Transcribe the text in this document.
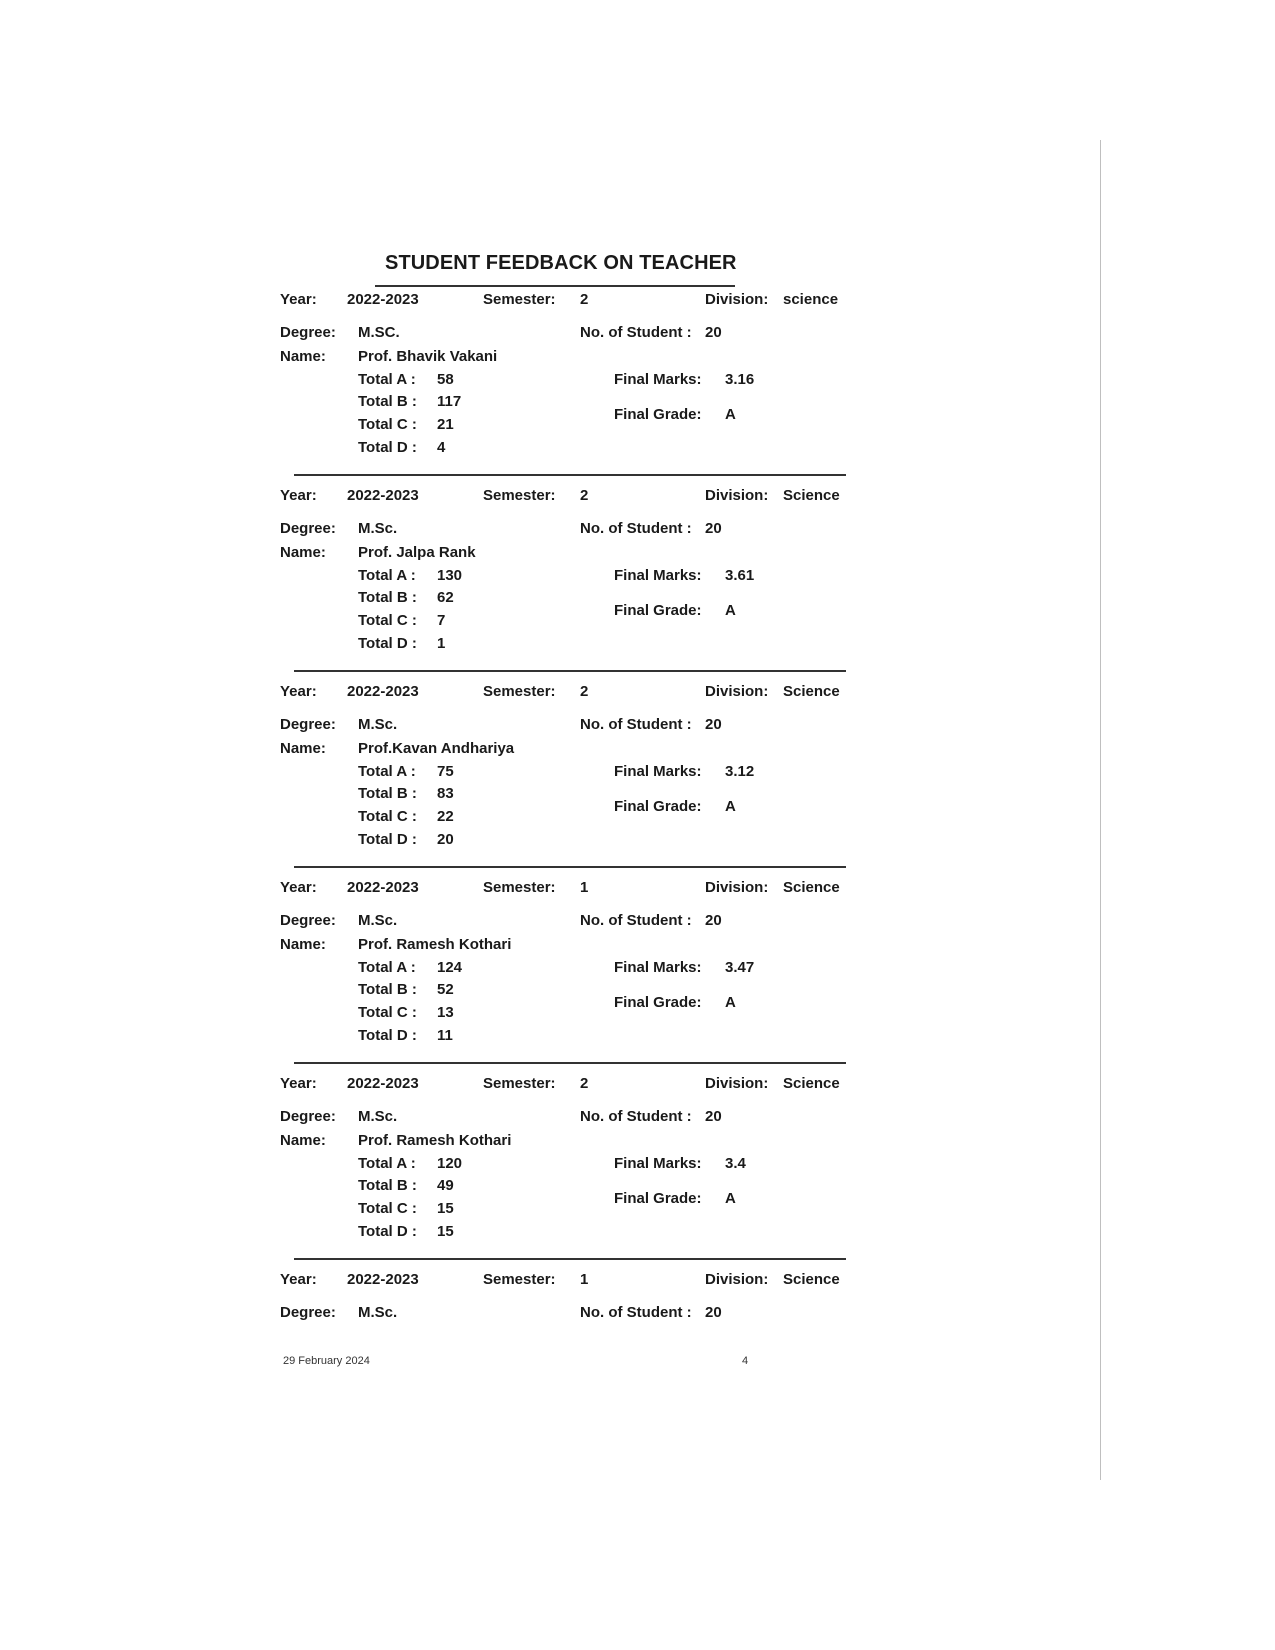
STUDENT FEEDBACK ON TEACHER
Year: 2022-2023	Semester: 2	Division: science
Degree: M.SC.	No. of Student : 20
Name: Prof. Bhavik Vakani
Total A : 58
Total B : 117
Total C : 21
Total D : 4
Final Marks: 3.16
Final Grade: A
Year: 2022-2023	Semester: 2	Division: Science
Degree: M.Sc.	No. of Student : 20
Name: Prof. Jalpa Rank
Total A : 130
Total B : 62
Total C : 7
Total D : 1
Final Marks: 3.61
Final Grade: A
Year: 2022-2023	Semester: 2	Division: Science
Degree: M.Sc.	No. of Student : 20
Name: Prof.Kavan Andhariya
Total A : 75
Total B : 83
Total C : 22
Total D : 20
Final Marks: 3.12
Final Grade: A
Year: 2022-2023	Semester: 1	Division: Science
Degree: M.Sc.	No. of Student : 20
Name: Prof. Ramesh Kothari
Total A : 124
Total B : 52
Total C : 13
Total D : 11
Final Marks: 3.47
Final Grade: A
Year: 2022-2023	Semester: 2	Division: Science
Degree: M.Sc.	No. of Student : 20
Name: Prof. Ramesh Kothari
Total A : 120
Total B : 49
Total C : 15
Total D : 15
Final Marks: 3.4
Final Grade: A
Year: 2022-2023	Semester: 1	Division: Science
Degree: M.Sc.	No. of Student : 20
29 February 2024	4
